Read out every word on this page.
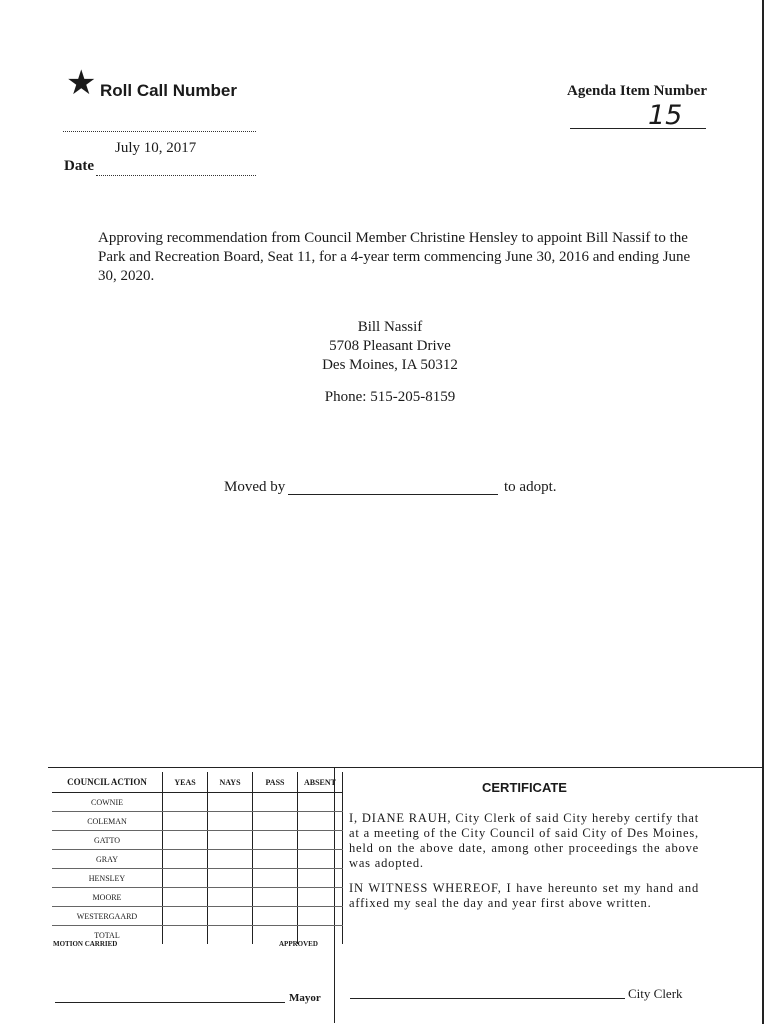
★ Roll Call Number	Agenda Item Number
15
July 10, 2017
Date
Approving recommendation from Council Member Christine Hensley to appoint Bill Nassif to the Park and Recreation Board, Seat 11, for a 4-year term commencing June 30, 2016 and ending June 30, 2020.
Bill Nassif
5708 Pleasant Drive
Des Moines, IA 50312
Phone: 515-205-8159
Moved by	to adopt.
COUNCIL ACTION	YEAS	NAYS	PASS	ABSENT
COWNIE				
COLEMAN				
GATTO				
GRAY				
HENSLEY				
MOORE				
WESTERGAARD				
TOTAL				
MOTION CARRIED	APPROVED
Mayor
CERTIFICATE
I, DIANE RAUH, City Clerk of said City hereby certify that at a meeting of the City Council of said City of Des Moines, held on the above date, among other proceedings the above was adopted.
IN WITNESS WHEREOF, I have hereunto set my hand and affixed my seal the day and year first above written.
City Clerk
